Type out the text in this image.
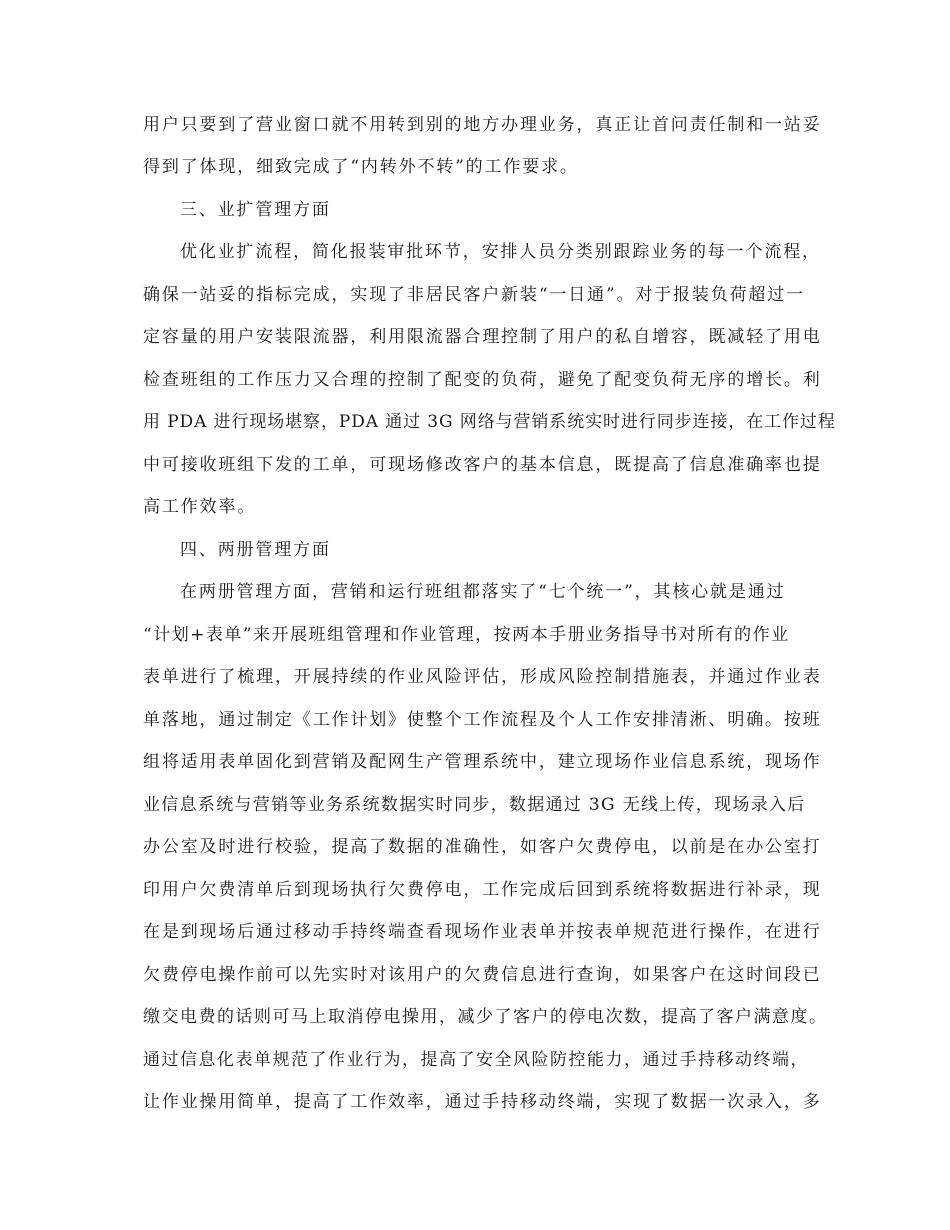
用户只要到了营业窗口就不用转到别的地方办理业务，真正让首问责任制和一站妥
得到了体现，细致完成了“内转外不转”的工作要求。
三、业扩管理方面
优化业扩流程，简化报装审批环节，安排人员分类别跟踪业务的每一个流程，
确保一站妥的指标完成，实现了非居民客户新装“一日通”。对于报装负荷超过一
定容量的用户安装限流器，利用限流器合理控制了用户的私自增容，既减轻了用电
检查班组的工作压力又合理的控制了配变的负荷，避免了配变负荷无序的增长。利
用 PDA 进行现场堪察，PDA 通过 3G 网络与营销系统实时进行同步连接，在工作过程
中可接收班组下发的工单，可现场修改客户的基本信息，既提高了信息准确率也提
高工作效率。
四、两册管理方面
在两册管理方面，营销和运行班组都落实了“七个统一”，其核心就是通过
“计划+表单”来开展班组管理和作业管理，按两本手册业务指导书对所有的作业
表单进行了梳理，开展持续的作业风险评估，形成风险控制措施表，并通过作业表
单落地，通过制定《工作计划》使整个工作流程及个人工作安排清淅、明确。按班
组将适用表单固化到营销及配网生产管理系统中，建立现场作业信息系统，现场作
业信息系统与营销等业务系统数据实时同步，数据通过 3G 无线上传，现场录入后
办公室及时进行校验，提高了数据的准确性，如客户欠费停电，以前是在办公室打
印用户欠费清单后到现场执行欠费停电，工作完成后回到系统将数据进行补录，现
在是到现场后通过移动手持终端查看现场作业表单并按表单规范进行操作，在进行
欠费停电操作前可以先实时对该用户的欠费信息进行查询，如果客户在这时间段已
缴交电费的话则可马上取消停电操用，减少了客户的停电次数，提高了客户满意度。
通过信息化表单规范了作业行为，提高了安全风险防控能力，通过手持移动终端，
让作业操用简单，提高了工作效率，通过手持移动终端，实现了数据一次录入，多
